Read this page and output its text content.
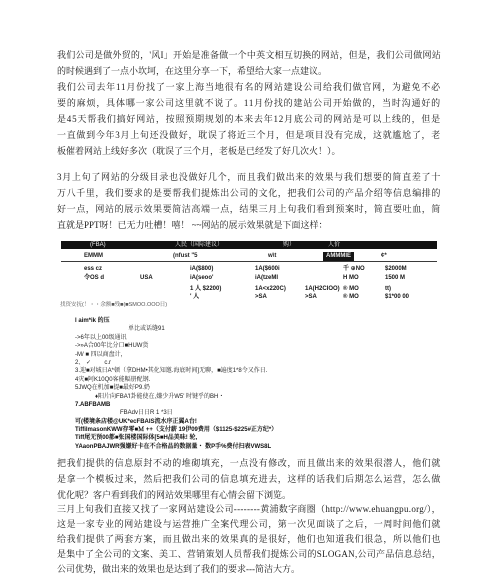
我们公司是做外贸的，'风I」开始是准备做一个中英文相互切换的网站，但是，我们公司做网站
的时候遇到了一点小坎坷，在这里分享一下，希望给大家一点建议。
我们公司去年11月份找了一家上海当地很有名的网站建设公司给我们做官网，为避免不必
要的麻烦，具体哪一家公司这里就不说了。11月份找的建站公司开始做的，当时沟通好的
是45天帮我们搞好网站，按照预期规划的本来去年12月底公司的网站是可以上线的，但是
一直做到今年3月上旬还没做好，耽误了将近三个月，但是项目没有完成，这就尴尬了，老
板催着网站上线好多次（耽误了三个月，老板是已经发了好几次火！）。
3月上旬了网站的分级目录也没做好几个，而且我们做出来的效果与我们想要的简直差了十
万八千里，我们要求的是要帮我们提炼出公司的文化，把我们公司的产品介绍等信息编排的
好一点，网站的展示效果要简洁高端一点，结果三月上旬我们看到预案时，简直要吐血，简
直就是PPT呀！已无力吐槽！嘻！ ~~网站的展示效果就是下面这样：
(FBA)	人民（国际建议）	购）	人价
EMMM	(nfust "5	w\t	AMMMIE	¢*
ess cz	iA($800)	1A($600i	千 ⊕NO	$2000M
令OS d	USA	iA(seoo'	iA(tzeMI	H MO	1500 M
1 人 $2200)	1A<x220C)	1A(H2CIOO) ® MO	tt)
' 人	>SA	>SA	® MO	$1*00 00
找资安抚(！・・余额■残■(■SMOO.OOO日)
l aim*ik 的压
单比或话缝91
->6年以上00级通讯
->»A合00年比分口■HUW货
-M/ ■ 四以商盘计，
2、 ✓        c.r
3.迎■对城日A*顿（拿DHM•其化知邀.海底时间]无聊，■遍度1*8令又作日.
4灾■阿K10Q0客能幅册配钢.
5JWQ在机加■提■最好P9.奶
♦阳片向FBA'I卦能使在,嫌少升W5' 时键乎的BH・
7.ABFBAMB
FBAdv日日R 1 *3日
可(楼境条店楼@UK*ecFBAIS流水序正翼A台!
TiffilmasonKWW存零■Ｍ ++（支付薪 19伊09费用（$1125-$225#正方纪*）
Tiff尾无预00都■张国楼国际体[5■H品美味! 轮,
YAaonPBAJWR强嫌好卡在不合格品的数据量・ 数P手%费付扫表VWS8L
把我们提供的信息原封不动的堆砌填充，一点没有修改，而且做出来的效果很潜人，他们就
是拿一个模板过来，然后把我们公司的信息填充进去，这样的话我们后期怎么运营，怎么做
优化呢？客户看到我们的网站效果哪里有心情会留下浏览。
三月上旬我们直接又找了一家网站建设公司--------黄浦数字商圈（http://www.ehuangpu.org/），
这是一家专业的网站建设与运营推广全案代理公司，第一次见面谈了之后，一周时间他们就
给我们提供了两套方案，而且做出来的效果真的是很好，他们也知道我们很急，所以他们也
是集中了全公司的文案、美工、营销策划人员帮我们提炼公司的SLOGAN,公司产品信息总结，
公司优势，做出来的效果也是达到了我们的要求---简洁大方。
